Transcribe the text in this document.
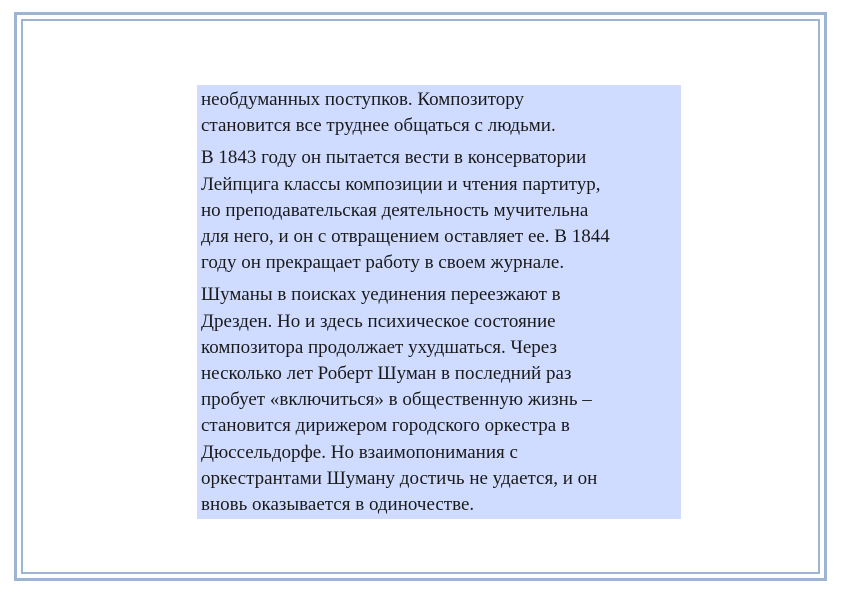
необдуманных поступков. Композитору
становится все труднее общаться с людьми.

В 1843 году он пытается вести в консерватории
Лейпцига классы композиции и чтения партитур,
но преподавательская деятельность мучительна
для него, и он с отвращением оставляет ее. В 1844
году он прекращает работу в своем журнале.

Шуманы в поисках уединения переезжают в
Дрезден. Но и здесь психическое состояние
композитора продолжает ухудшаться. Через
несколько лет Роберт Шуман в последний раз
пробует «включиться» в общественную жизнь –
становится дирижером городского оркестра в
Дюссельдорфе. Но взаимопонимания с
оркестрантами Шуману достичь не удается, и он
вновь оказывается в одиночестве.
